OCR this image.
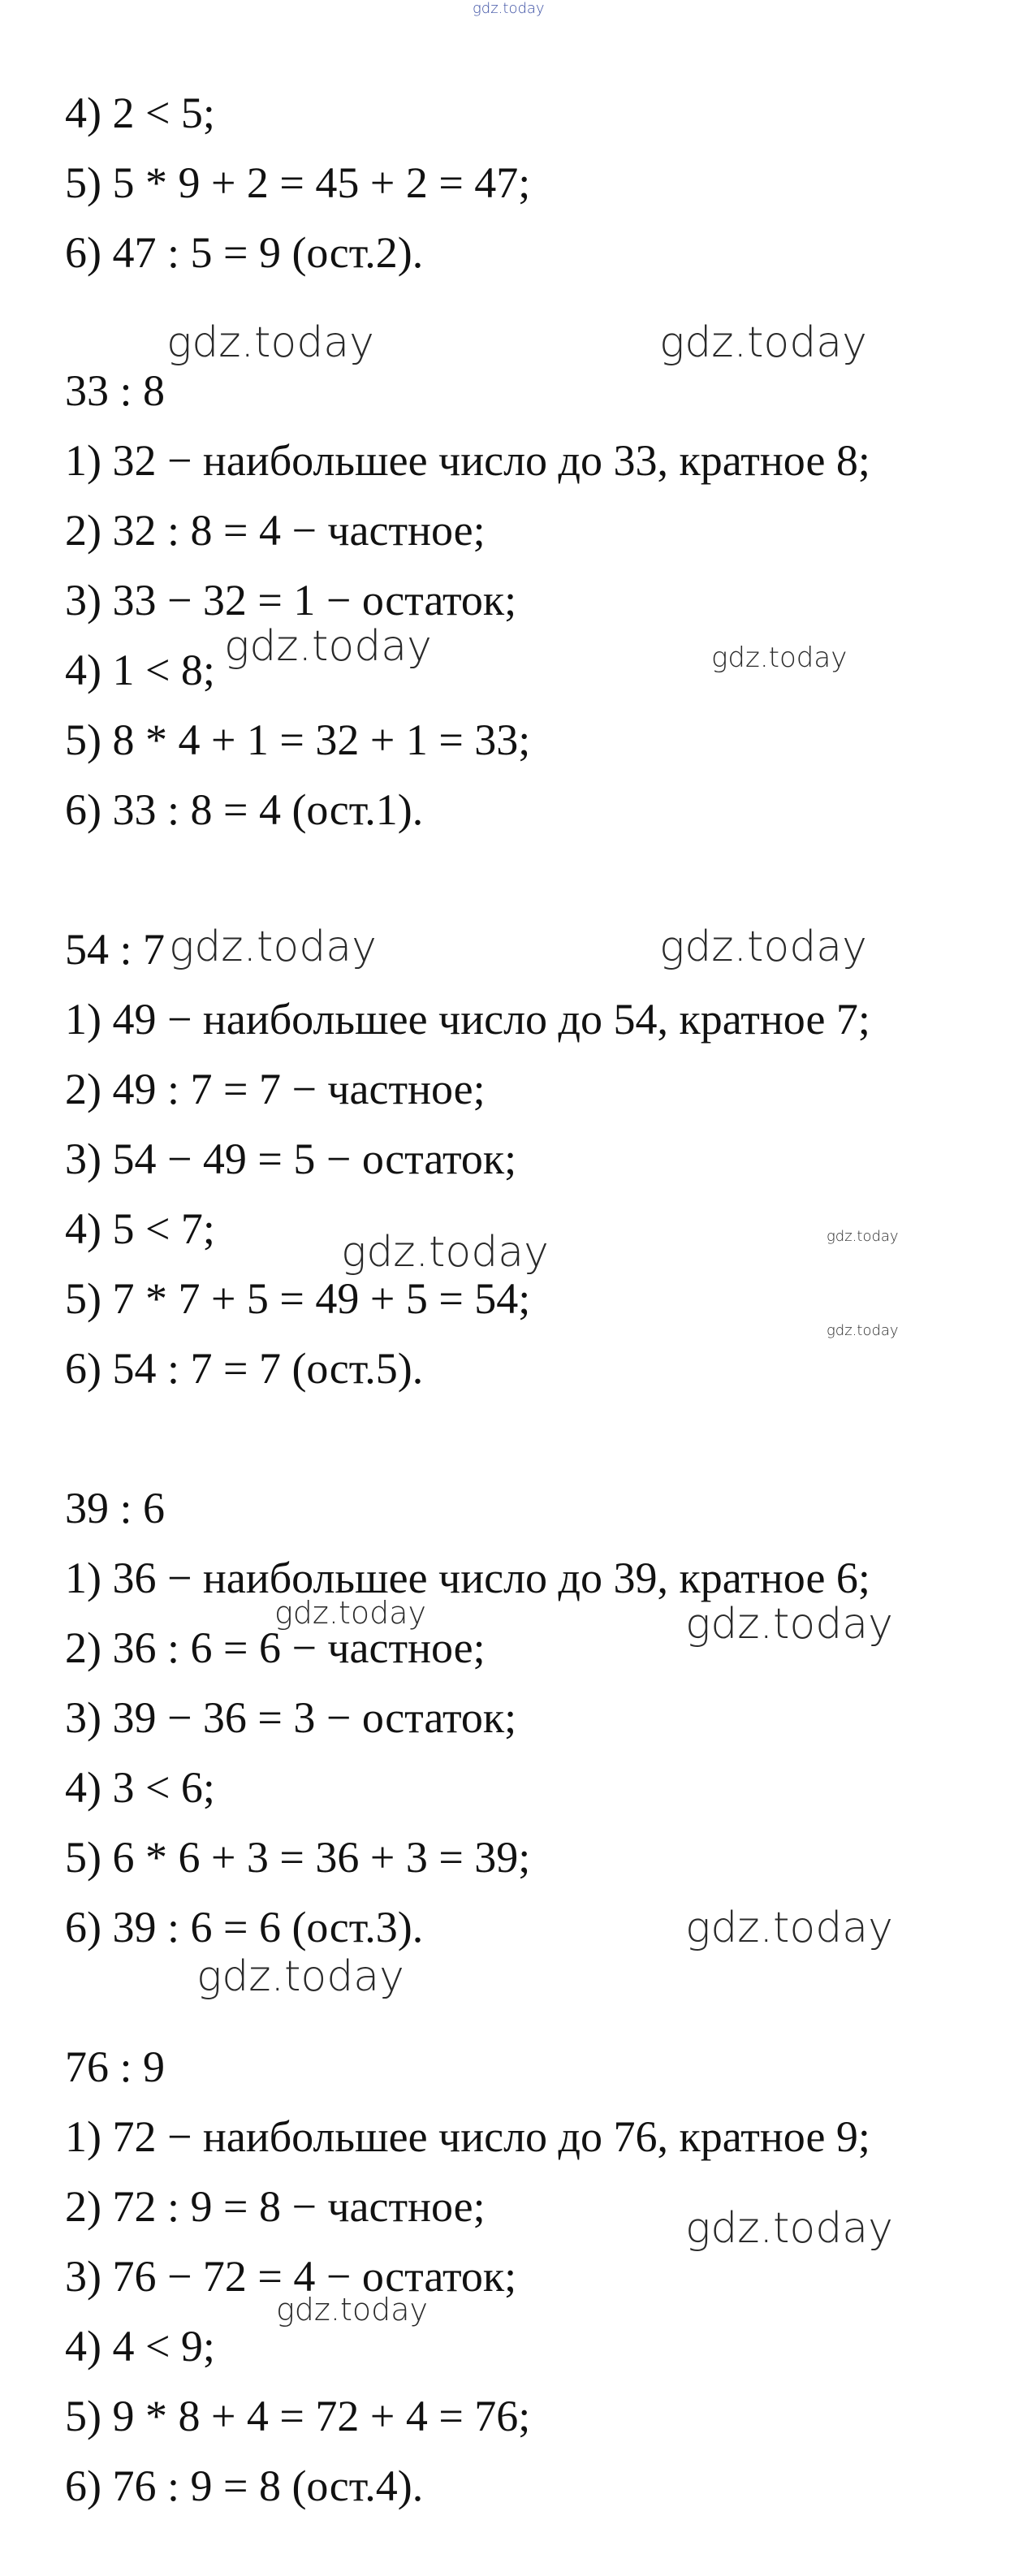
gdz.today
4) 2 < 5;
5) 5 * 9 + 2 = 45 + 2 = 47;
6) 47 : 5 = 9 (ост.2).
33 : 8
1) 32 − наибольшее число до 33, кратное 8;
2) 32 : 8 = 4 − частное;
3) 33 − 32 = 1 − остаток;
4) 1 < 8;
5) 8 * 4 + 1 = 32 + 1 = 33;
6) 33 : 8 = 4 (ост.1).
54 : 7
1) 49 − наибольшее число до 54, кратное 7;
2) 49 : 7 = 7 − частное;
3) 54 − 49 = 5 − остаток;
4) 5 < 7;
5) 7 * 7 + 5 = 49 + 5 = 54;
6) 54 : 7 = 7 (ост.5).
39 : 6
1) 36 − наибольшее число до 39, кратное 6;
2) 36 : 6 = 6 − частное;
3) 39 − 36 = 3 − остаток;
4) 3 < 6;
5) 6 * 6 + 3 = 36 + 3 = 39;
6) 39 : 6 = 6 (ост.3).
76 : 9
1) 72 − наибольшее число до 76, кратное 9;
2) 72 : 9 = 8 − частное;
3) 76 − 72 = 4 − остаток;
4) 4 < 9;
5) 9 * 8 + 4 = 72 + 4 = 76;
6) 76 : 9 = 8 (ост.4).
gdz.today	gdz.today
gdz.today	gdz.today
gdz.today	gdz.today
gdz.today	gdz.today
gdz.today
gdz.today	gdz.today
gdz.today
gdz.today
gdz.today
gdz.today
